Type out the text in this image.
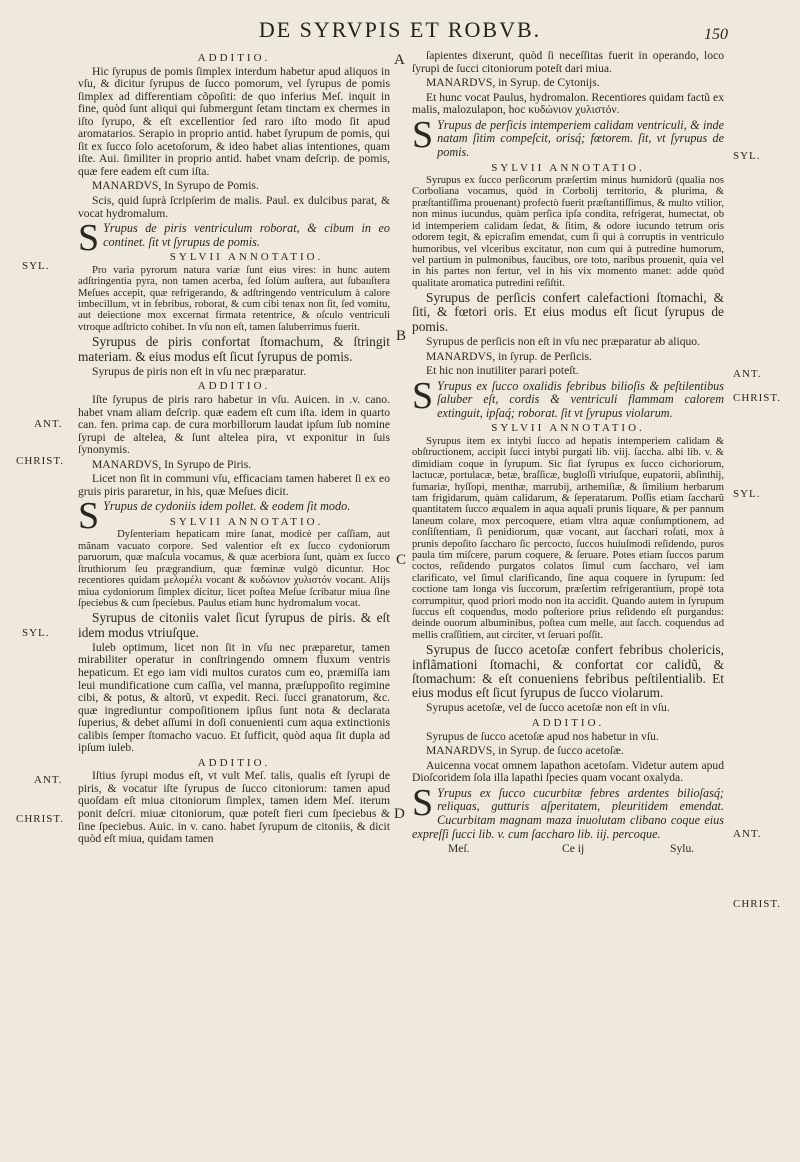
DE SYRVPIS ET ROBVB.	150
ADDITIO.

Hic ſyrupus de pomis ſimplex interdum habetur apud aliquos in vſu, & dicitur ſyrupus de ſucco pomorum, vel ſyrupus de pomis ſimplex ad differentiam cõpoſiti: de quo inferius Meſ. inquit in fine, quòd ſunt aliqui qui ſubmergunt ſetam tinctam ex chermes in iſto ſyrupo, & eſt excellentior ſed raro iſto modo ſit apud aromatarios. Serapio in proprio antid. habet ſyrupum de pomis, qui ſit ex ſucco ſolo acetoſorum, & ideo habet alias intentiones, quam iſte. Aui. ſimiliter in proprio antid. habet vnam deſcrip. de pomis, quæ fere eadem eſt cum iſta.

MANARDVS, In Syrupo de Pomis.

Scis, quid ſuprà ſcripſerim de malis. Paul. ex dulcibus parat, & vocat hydromalum.

S Yrupus de piris ventriculum roborat, & cibum in eo continet. ſit vt ſyrupus de pomis.
SYLVII ANNOTATIO.

Pro varia pyrorum natura variæ ſunt eius vires: in hunc autem adſtringentia pyra, non tamen acerba, ſed ſolùm auſtera, aut ſubauſtera Meſues accepit, quæ refrigerando, & adſtringendo ventriculum à calore imbecillum, vt in febribus, roborat, & cum cibi tenax non ſit, ſed vomitu, aut deiectione mox excernat firmata retentrice, & oſculo ventriculi vtroque adſtricto cohibet. In vſu non eſt, tamen ſaluberrimus fuerit.

Syrupus de piris confortat ſtomachum, & ſtringit materiam. & eius modus eſt ſicut ſyrupus de pomis.

Syrupus de piris non eſt in vſu nec præparatur.

ADDITIO.

Iſte ſyrupus de piris raro habetur in vſu. Auicen. in .v. cano. habet vnam aliam deſcrip. quæ eadem eſt cum iſta. idem in quarto can. fen. prima cap. de cura morbillorum laudat ipſum ſub nomine ſyrupi de altelea, & ſunt altelea pira, vt exponitur in ſuis ſynonymis.

MANARDVS, In Syrupo de Piris.

Licet non ſit in communi vſu, efficaciam tamen haberet ſi ex eo gruis piris pararetur, in his, quæ Meſues dicit.

S Yrupus de cydoniis idem pollet. & eodem ſit modo.
SYLVII ANNOTATIO.

Dyſenteriam hepaticam mire ſanat, modicè per caſſiam, aut mãnam vacuato corpore. Sed valentior eſt ex ſucco cydoniorum paruorum, quæ maſcula vocamus, & quæ acerbiora ſunt, quàm ex ſucco ſtruthiorum ſeu prægrandium, quæ fœminæ vulgò dicuntur. Hoc recentiores quidam μελομέλι vocant & κυδώνιον χυλιστόν vocant. Alijs miua cydoniorum ſimplex dicitur, licet poſtea Meſue ſcribatur miua ſine ſpeciebus & cum ſpeciebus. Paulus etiam hunc hydromalum vocat.

Syrupus de citoniis valet ſicut ſyrupus de piris. & eſt idem modus vtriuſque.

Iuleb optimum, licet non ſit in vſu nec præparetur, tamen mirabiliter operatur in conſtringendo omnem fluxum ventris hepaticum. Et ego iam vidi multos curatos cum eo, præmiſſa iam leui mundificatione cum caſſia, vel manna, præſuppoſito regimine cibi, & potus, & altorũ, vt expedit. Reci. ſucci granatorum, &c. quæ ingrediuntur compoſitionem ipſius ſunt nota & declarata ſuperius, & debet aſſumi in doſi conuenienti cum aqua extinctionis calibis ſemper ſtomacho vacuo. Et ſufficit, quòd aqua ſit dupla ad ipſum iuleb.

ADDITIO.

Iſtius ſyrupi modus eſt, vt vult Meſ. talis, qualis eſt ſyrupi de piris, & vocatur iſte ſyrupus de ſucco citoniorum: tamen apud quoſdam eſt miua citoniorum ſimplex, tamen idem Meſ. iterum ponit deſcri. miuæ citoniorum, quæ poteſt fieri cum ſpeciebus & ſine ſpeciebus. Auic. in v. cano. habet ſyrupum de citoniis, & dicit quòd eſt miua, quidam tamen

ſapientes dixerunt, quòd ſi neceſſitas fuerit in operando, loco ſyrupi de ſucci citoniorum poteſt dari miua.

MANARDVS, in Syrup. de Cytonijs.

Et hunc vocat Paulus, hydromalon. Recentiores quidam factũ ex malis, malozulapon, hoc κυδώνιον χυλιστόν.

S Yrupus de perſicis intemperiem calidam ventriculi, & inde natam ſitim compeſcit, orisq́; fœtorem. ſit, vt ſyrupus de pomis.
SYLVII ANNOTATIO.

Syrupus ex ſucco perſicorum præſertim minus humidorũ (qualia nos Corboliana vocamus, quòd in Corbolij territorio, & plurima, & præſtantiſſima prouenant) profectò fuerit præſtantiſſimus, & multo vtilior, non minus iucundus, quàm perſica ipſa condita, refrigerat, humectat, ob id intemperiem calidam ſedat, & ſitim, & odore iucundo tetrum oris odorem tegit, & epicraſim emendat, cum ſi qui à corruptis in ventriculo humoribus, vel vlceribus excitatur, non cum qui à putredine humorum, vel partium in pulmonibus, faucibus, ore toto, naribus prouenit, quia vel in his partes non fertur, vel in his vix momento manet: adde quòd qualitate aromatica putredini reſiſtit.

Syrupus de perſicis confert calefactioni ſtomachi, & ſiti, & fœtori oris. Et eius modus eſt ſicut ſyrupus de pomis.

Syrupus de perſicis non eſt in vſu nec præparatur ab aliquo.

MANARDVS, in ſyrup. de Perſicis.

Et hic non inutiliter parari poteſt.

S Yrupus ex ſucco oxalidis febribus bilioſis & peſtilentibus ſaluber eſt, cordis & ventriculi flammam calorem extinguit, ipſaq́; roborat. ſit vt ſyrupus violarum.
SYLVII ANNOTATIO.

Syrupus item ex intybi ſucco ad hepatis intemperiem calidam & obſtructionem, accipit ſucci intybi purgati lib. viij. ſaccha. albi lib. v. & dimidiam coque in ſyrupum. Sic ſiat ſyrupus ex ſucco cichoriorum, lactucæ, portulacæ, betæ, braſſicæ, bugloſſi vtriuſque, eupatorii, abſinthij, fumariæ, hyſſopi, menthæ, marrubij, arthemiſiæ, & ſimilium herbarum tam frigidarum, quàm calidarum, & ſeperatarum. Poſſis etiam ſaccharũ quantitatem ſucco æqualem in aqua aquali prunis liquare, & per pannum laneum colare, mox percoquere, etiam vltra aquæ conſumptionem, ad conſiſtentiam, ſi penidiorum, quæ vocant, aut ſacchari roſati, mox à prunis depoſito ſaccharo ſic percocto, ſuccos huiuſmodi reſidendo, puros paula tim miſcere, parum coquere, & ſeruare. Potes etiam ſuccos parum coctos, reſidendo purgatos colatos ſimul cum ſaccharo, vel iam clarificato, vel ſimul clarificando, ſine aqua coquere in ſyrupum: ſed coctione tam longa vis ſuccorum, præſertim refrigerantium, propè tota corrumpitur, quod priori modo non ita accidit. Quando autem in ſyrupum ſuccus eſt coquendus, modo poſteriore prius reſidendo eſt purgandus: deinde ouorum albuminibus, poſtea cum melle, aut ſacch. coquendus ad mellis craſſitiem, aut circiter, vt ſeruari poſſit.

Syrupus de ſucco acetoſæ confert febribus cholericis, inflãmationi ſtomachi, & confortat cor calidũ, & ſtomachum: & eſt conueniens febribus peſtilentialib. Et eius modus eſt ſicut ſyrupus de ſucco violarum.

Syrupus acetoſæ, vel de ſucco acetoſæ non eſt in vſu.

ADDITIO.

Syrupus de ſucco acetoſæ apud nos habetur in vſu.

MANARDVS, in Syrup. de ſucco acetoſæ.

Auicenna vocat omnem lapathon acetoſam. Videtur autem apud Dioſcoridem ſola illa lapathi ſpecies quam vocant oxalyda.

S Yrupus ex ſucco cucurbitæ febres ardentes bilioſasq́; reliquas, gutturis aſperitatem, pleuritidem emendat. Cucurbitam magnam maza inuolutam clibano coque eius expreſſi ſucci lib. v. cum ſaccharo lib. iij. percoque.
Meſ.	Ce ij	Sylu.
SYL.
ANT.
CHRIST.
SYL.
ANT.
CHRIST.
SYL.
ANT.
CHRIST.
SYL.
ANT.
CHRIST.
A
B
C
D
